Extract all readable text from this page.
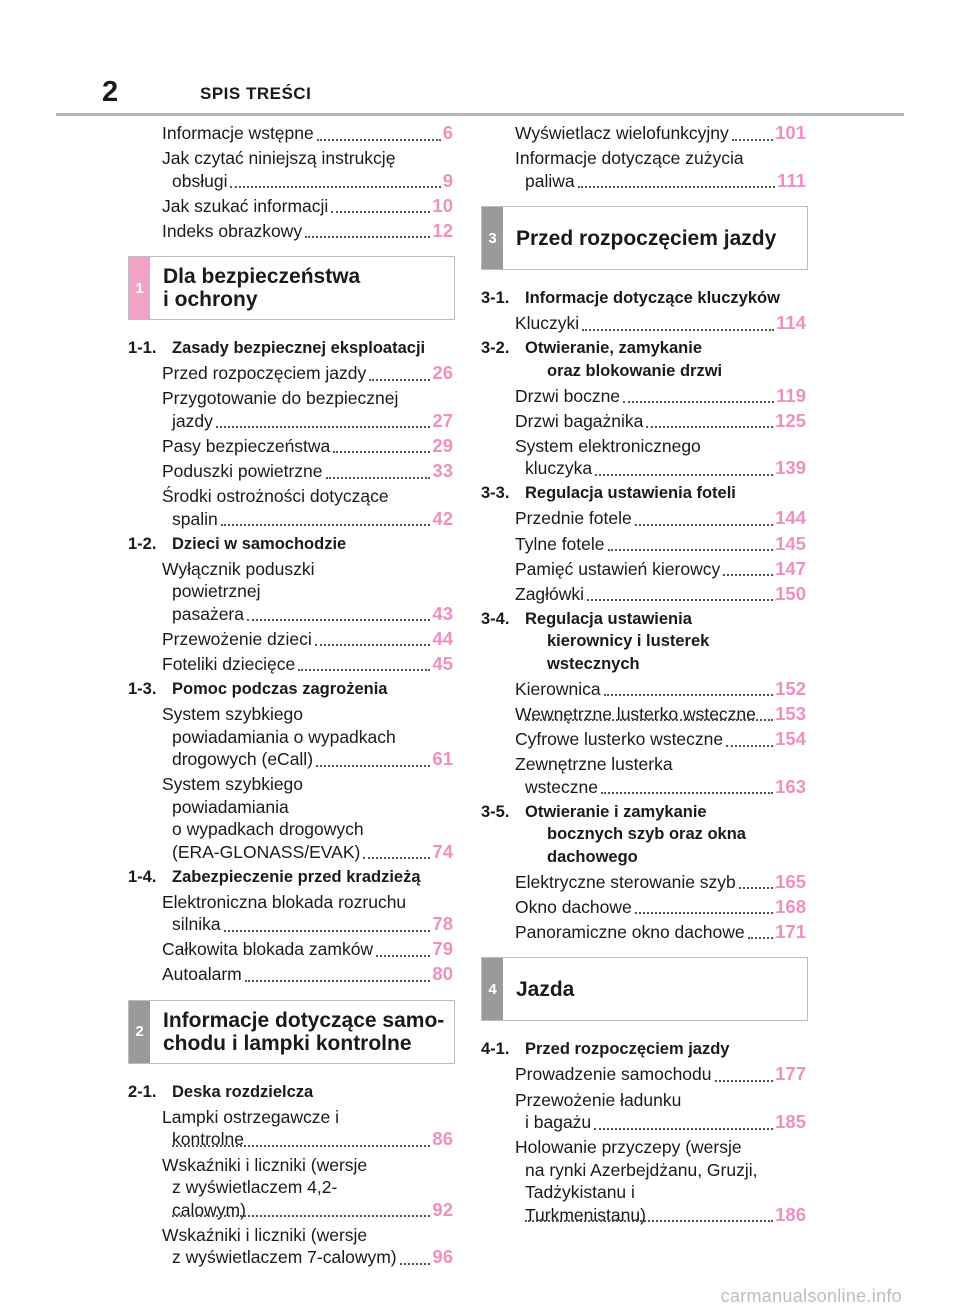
2	SPIS TREŚCI
Informacje wstępne	6
Jak czytać niniejszą instrukcję
obsługi	9
Jak szukać informacji	10
Indeks obrazkowy	12
1 Dla bezpieczeństwa
i ochrony
1-1. Zasady bezpiecznej eksploatacji
Przed rozpoczęciem jazdy	26
Przygotowanie do bezpiecznej
jazdy	27
Pasy bezpieczeństwa	29
Poduszki powietrzne	33
Środki ostrożności dotyczące
spalin	42
1-2. Dzieci w samochodzie
Wyłącznik poduszki powietrznej
pasażera	43
Przewożenie dzieci	44
Foteliki dziecięce	45
1-3. Pomoc podczas zagrożenia
System szybkiego
powiadamiania o wypadkach
drogowych (eCall)	61
System szybkiego powiadamiania
o wypadkach drogowych
(ERA-GLONASS/EVAK)	74
1-4. Zabezpieczenie przed kradzieżą
Elektroniczna blokada rozruchu
silnika	78
Całkowita blokada zamków	79
Autoalarm	80
2 Informacje dotyczące samo-
chodu i lampki kontrolne
2-1. Deska rozdzielcza
Lampki ostrzegawcze i kontrolne	86
Wskaźniki i liczniki (wersje
z wyświetlaczem 4,2-calowym)	92
Wskaźniki i liczniki (wersje
z wyświetlaczem 7-calowym)	96
Wyświetlacz wielofunkcyjny	101
Informacje dotyczące zużycia
paliwa	111
3 Przed rozpoczęciem jazdy
3-1. Informacje dotyczące kluczyków
Kluczyki	114
3-2. Otwieranie, zamykanie
oraz blokowanie drzwi
Drzwi boczne	119
Drzwi bagażnika	125
System elektronicznego
kluczyka	139
3-3. Regulacja ustawienia foteli
Przednie fotele	144
Tylne fotele	145
Pamięć ustawień kierowcy	147
Zagłówki	150
3-4. Regulacja ustawienia
kierownicy i lusterek
wstecznych
Kierownica	152
Wewnętrzne lusterko wsteczne	153
Cyfrowe lusterko wsteczne	154
Zewnętrzne lusterka
wsteczne	163
3-5. Otwieranie i zamykanie
bocznych szyb oraz okna
dachowego
Elektryczne sterowanie szyb	165
Okno dachowe	168
Panoramiczne okno dachowe	171
4 Jazda
4-1. Przed rozpoczęciem jazdy
Prowadzenie samochodu	177
Przewożenie ładunku
i bagażu	185
Holowanie przyczepy (wersje
na rynki Azerbejdżanu, Gruzji,
Tadżykistanu i Turkmenistanu)	186
carmanualsonline.info
